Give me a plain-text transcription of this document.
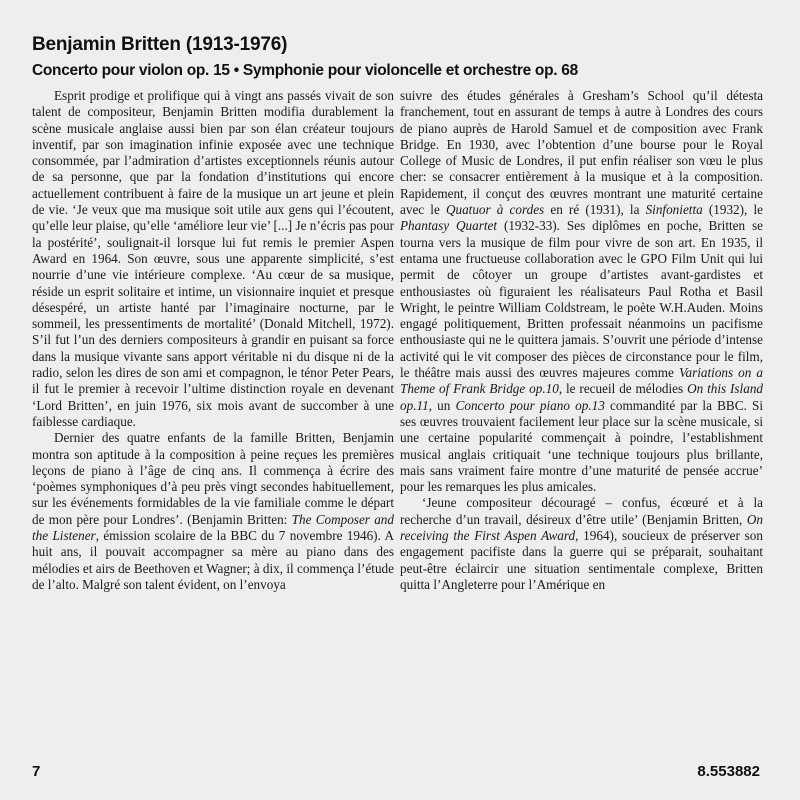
Benjamin Britten (1913-1976)
Concerto pour violon op. 15 • Symphonie pour violoncelle et orchestre op. 68

Esprit prodige et prolifique qui à vingt ans passés vivait de son talent de compositeur, Benjamin Britten modifia durablement la scène musicale anglaise aussi bien par son élan créateur toujours inventif, par son imagination infinie exposée avec une technique consommée, par l’admiration d’artistes exceptionnels réunis autour de sa personne, que par la fondation d’institutions qui encore actuellement contribuent à faire de la musique un art jeune et plein de vie. ‘Je veux que ma musique soit utile aux gens qui l’écoutent, qu’elle leur plaise, qu’elle ‘améliore leur vie’ [...] Je n’écris pas pour la postérité’, soulignait-il lorsque lui fut remis le premier Aspen Award en 1964. Son œuvre, sous une apparente simplicité, s’est nourrie d’une vie intérieure complexe. ‘Au cœur de sa musique, réside un esprit solitaire et intime, un visionnaire inquiet et presque désespéré, un artiste hanté par l’imaginaire nocturne, par le sommeil, les pressentiments de mortalité’ (Donald Mitchell, 1972). S’il fut l’un des derniers compositeurs à grandir en puisant sa force dans la musique vivante sans apport véritable ni du disque ni de la radio, selon les dires de son ami et compagnon, le ténor Peter Pears, il fut le premier à recevoir l’ultime distinction royale en devenant ‘Lord Britten’, en juin 1976, six mois avant de succomber à une faiblesse cardiaque.

Dernier des quatre enfants de la famille Britten, Benjamin montra son aptitude à la composition à peine reçues les premières leçons de piano à l’âge de cinq ans. Il commença à écrire des ‘poèmes symphoniques d’à peu près vingt secondes habituellement, sur les événements formidables de la vie familiale comme le départ de mon père pour Londres’. (Benjamin Britten: The Composer and the Listener, émission scolaire de la BBC du 7 novembre 1946). A huit ans, il pouvait accompagner sa mère au piano dans des mélodies et airs de Beethoven et Wagner; à dix, il commença l’étude de l’alto. Malgré son talent évident, on l’envoya

suivre des études générales à Gresham’s School qu’il détesta franchement, tout en assurant de temps à autre à Londres des cours de piano auprès de Harold Samuel et de composition avec Frank Bridge. En 1930, avec l’obtention d’une bourse pour le Royal College of Music de Londres, il put enfin réaliser son vœu le plus cher: se consacrer entièrement à la musique et à la composition. Rapidement, il conçut des œuvres montrant une maturité certaine avec le Quatuor à cordes en ré (1931), la Sinfonietta (1932), le Phantasy Quartet (1932-33). Ses diplômes en poche, Britten se tourna vers la musique de film pour vivre de son art. En 1935, il entama une fructueuse collaboration avec le GPO Film Unit qui lui permit de côtoyer un groupe d’artistes avant-gardistes et enthousiastes où figuraient les réalisateurs Paul Rotha et Basil Wright, le peintre William Coldstream, le poète W.H.Auden. Moins engagé politiquement, Britten professait néanmoins un pacifisme enthousiaste qui ne le quittera jamais. S’ouvrit une période d’intense activité qui le vit composer des pièces de circonstance pour le film, le théâtre mais aussi des œuvres majeures comme Variations on a Theme of Frank Bridge op.10, le recueil de mélodies On this Island op.11, un Concerto pour piano op.13 commandité par la BBC. Si ses œuvres trouvaient facilement leur place sur la scène musicale, si une certaine popularité commençait à poindre, l’establishment musical anglais critiquait ‘une technique toujours plus brillante, mais sans vraiment faire montre d’une maturité de pensée accrue’ pour les remarques les plus amicales.

‘Jeune compositeur découragé – confus, écœuré et à la recherche d’un travail, désireux d’être utile’ (Benjamin Britten, On receiving the First Aspen Award, 1964), soucieux de préserver son engagement pacifiste dans la guerre qui se préparait, souhaitant peut-être éclaircir une situation sentimentale complexe, Britten quitta l’Angleterre pour l’Amérique en

7	8.553882
